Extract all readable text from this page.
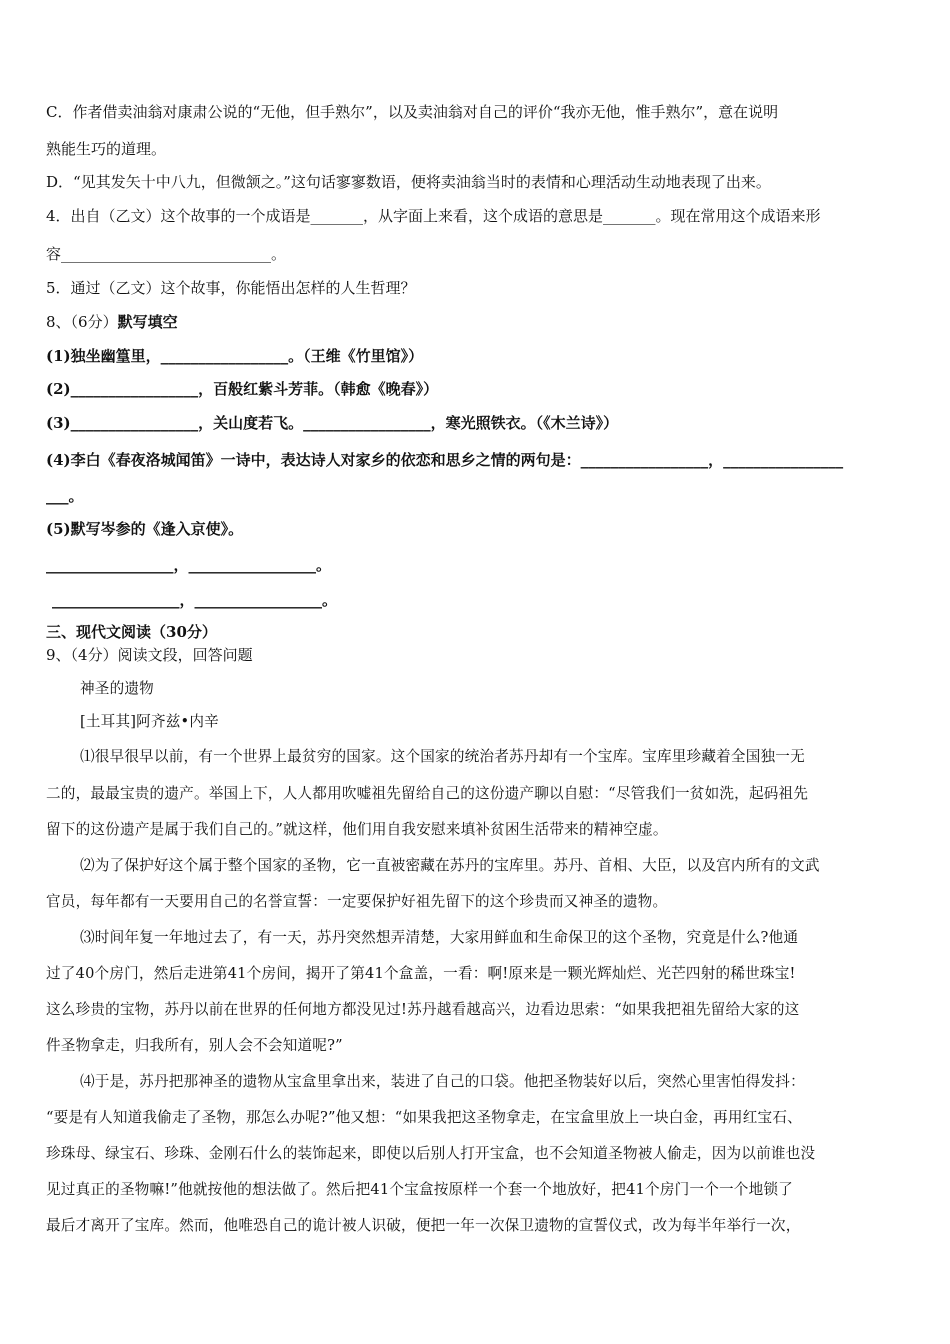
C．作者借卖油翁对康肃公说的“无他，但手熟尔”，以及卖油翁对自己的评价“我亦无他，惟手熟尔”，意在说明
熟能生巧的道理。
D．“见其发矢十中八九，但微颔之。”这句话寥寥数语，便将卖油翁当时的表情和心理活动生动地表现了出来。
4．出自（乙文）这个故事的一个成语是_______，从字面上来看，这个成语的意思是_______。现在常用这个成语来形
容____________________________。
5．通过（乙文）这个故事，你能悟出怎样的人生哲理？
8、（6分）默写填空
(1)独坐幽篁里，_________________。（王维《竹里馆》）
(2)_________________，百般红紫斗芳菲。（韩愈《晚春》）
(3)_________________，关山度若飞。_________________，寒光照铁衣。（《木兰诗》）
(4)李白《春夜洛城闻笛》一诗中，表达诗人对家乡的依恋和思乡之情的两句是：_________________，________________
___。
(5)默写岑参的《逢入京使》。
_________________，_________________。
_________________，_________________。
三、现代文阅读（30分）
9、（4分）阅读文段，回答问题
神圣的遗物
[土耳其]阿齐兹•内辛
⑴很早很早以前，有一个世界上最贫穷的国家。这个国家的统治者苏丹却有一个宝库。宝库里珍藏着全国独一无
二的，最最宝贵的遗产。举国上下，人人都用吹嘘祖先留给自己的这份遗产聊以自慰：“尽管我们一贫如洗，起码祖先
留下的这份遗产是属于我们自己的。”就这样，他们用自我安慰来填补贫困生活带来的精神空虚。
⑵为了保护好这个属于整个国家的圣物，它一直被密藏在苏丹的宝库里。苏丹、首相、大臣，以及宫内所有的文武
官员，每年都有一天要用自己的名誉宣誓：一定要保护好祖先留下的这个珍贵而又神圣的遗物。
⑶时间年复一年地过去了，有一天，苏丹突然想弄清楚，大家用鲜血和生命保卫的这个圣物，究竟是什么?他通
过了40个房门，然后走进第41个房间，揭开了第41个盒盖，一看：啊!原来是一颗光辉灿烂、光芒四射的稀世珠宝!
这么珍贵的宝物，苏丹以前在世界的任何地方都没见过!苏丹越看越高兴，边看边思索：“如果我把祖先留给大家的这
件圣物拿走，归我所有，别人会不会知道呢?”
⑷于是，苏丹把那神圣的遗物从宝盒里拿出来，装进了自己的口袋。他把圣物装好以后，突然心里害怕得发抖：
“要是有人知道我偷走了圣物，那怎么办呢?”他又想：“如果我把这圣物拿走，在宝盒里放上一块白金，再用红宝石、
珍珠母、绿宝石、珍珠、金刚石什么的装饰起来，即使以后别人打开宝盒，也不会知道圣物被人偷走，因为以前谁也没
见过真正的圣物嘛!”他就按他的想法做了。然后把41个宝盒按原样一个套一个地放好，把41个房门一个一个地锁了
最后才离开了宝库。然而，他唯恐自己的诡计被人识破，便把一年一次保卫遗物的宣誓仪式，改为每半年举行一次，
